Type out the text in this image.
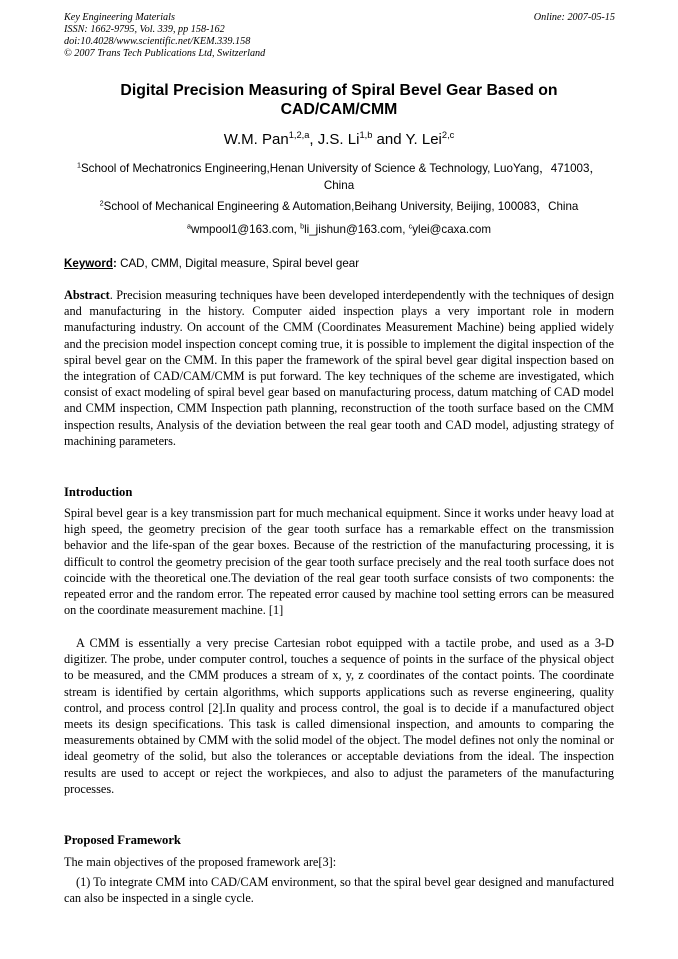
Key Engineering Materials
ISSN: 1662-9795, Vol. 339, pp 158-162
doi:10.4028/www.scientific.net/KEM.339.158
© 2007 Trans Tech Publications Ltd, Switzerland
Online: 2007-05-15
Digital Precision Measuring of Spiral Bevel Gear Based on CAD/CAM/CMM
W.M. Pan$^{1,2,a}$, J.S. Li$^{1,b}$ and Y. Lei$^{2,c}$
$^1$School of Mechatronics Engineering,Henan University of Science & Technology, LuoYang，471003，China
$^2$School of Mechanical Engineering & Automation,Beihang University, Beijing, 100083，China
$^a$wmpool1@163.com, $^b$li_jishun@163.com, $^c$ylei@caxa.com
Keyword: CAD, CMM, Digital measure, Spiral bevel gear
Abstract. Precision measuring techniques have been developed interdependently with the techniques of design and manufacturing in the history. Computer aided inspection plays a very important role in modern manufacturing industry. On account of the CMM (Coordinates Measurement Machine) being applied widely and the precision model inspection concept coming true, it is possible to implement the digital inspection of the spiral bevel gear on the CMM. In this paper the framework of the spiral bevel gear digital inspection based on the integration of CAD/CAM/CMM is put forward. The key techniques of the scheme are investigated, which consist of exact modeling of spiral bevel gear based on manufacturing process, datum matching of CAD model and CMM inspection, CMM Inspection path planning, reconstruction of the tooth surface based on the CMM inspection results, Analysis of the deviation between the real gear tooth and CAD model, adjusting strategy of machining parameters.
Introduction
Spiral bevel gear is a key transmission part for much mechanical equipment. Since it works under heavy load at high speed, the geometry precision of the gear tooth surface has a remarkable effect on the transmission behavior and the life-span of the gear boxes. Because of the restriction of the manufacturing processing, it is difficult to control the geometry precision of the gear tooth surface precisely and the real tooth surface does not coincide with the theoretical one.The deviation of the real gear tooth surface consists of two components: the repeated error and the random error. The repeated error caused by machine tool setting errors can be measured on the coordinate measurement machine. [1]
A CMM is essentially a very precise Cartesian robot equipped with a tactile probe, and used as a 3-D digitizer. The probe, under computer control, touches a sequence of points in the surface of the physical object to be measured, and the CMM produces a stream of x, y, z coordinates of the contact points. The coordinate stream is identified by certain algorithms, which supports applications such as reverse engineering, quality control, and process control [2].In quality and process control, the goal is to decide if a manufactured object meets its design specifications. This task is called dimensional inspection, and amounts to comparing the measurements obtained by CMM with the solid model of the object. The model defines not only the nominal or ideal geometry of the solid, but also the tolerances or acceptable deviations from the ideal. The inspection results are used to accept or reject the workpieces, and also to adjust the parameters of the manufacturing processes.
Proposed Framework
The main objectives of the proposed framework are[3]:
(1) To integrate CMM into CAD/CAM environment, so that the spiral bevel gear designed and manufactured can also be inspected in a single cycle.
